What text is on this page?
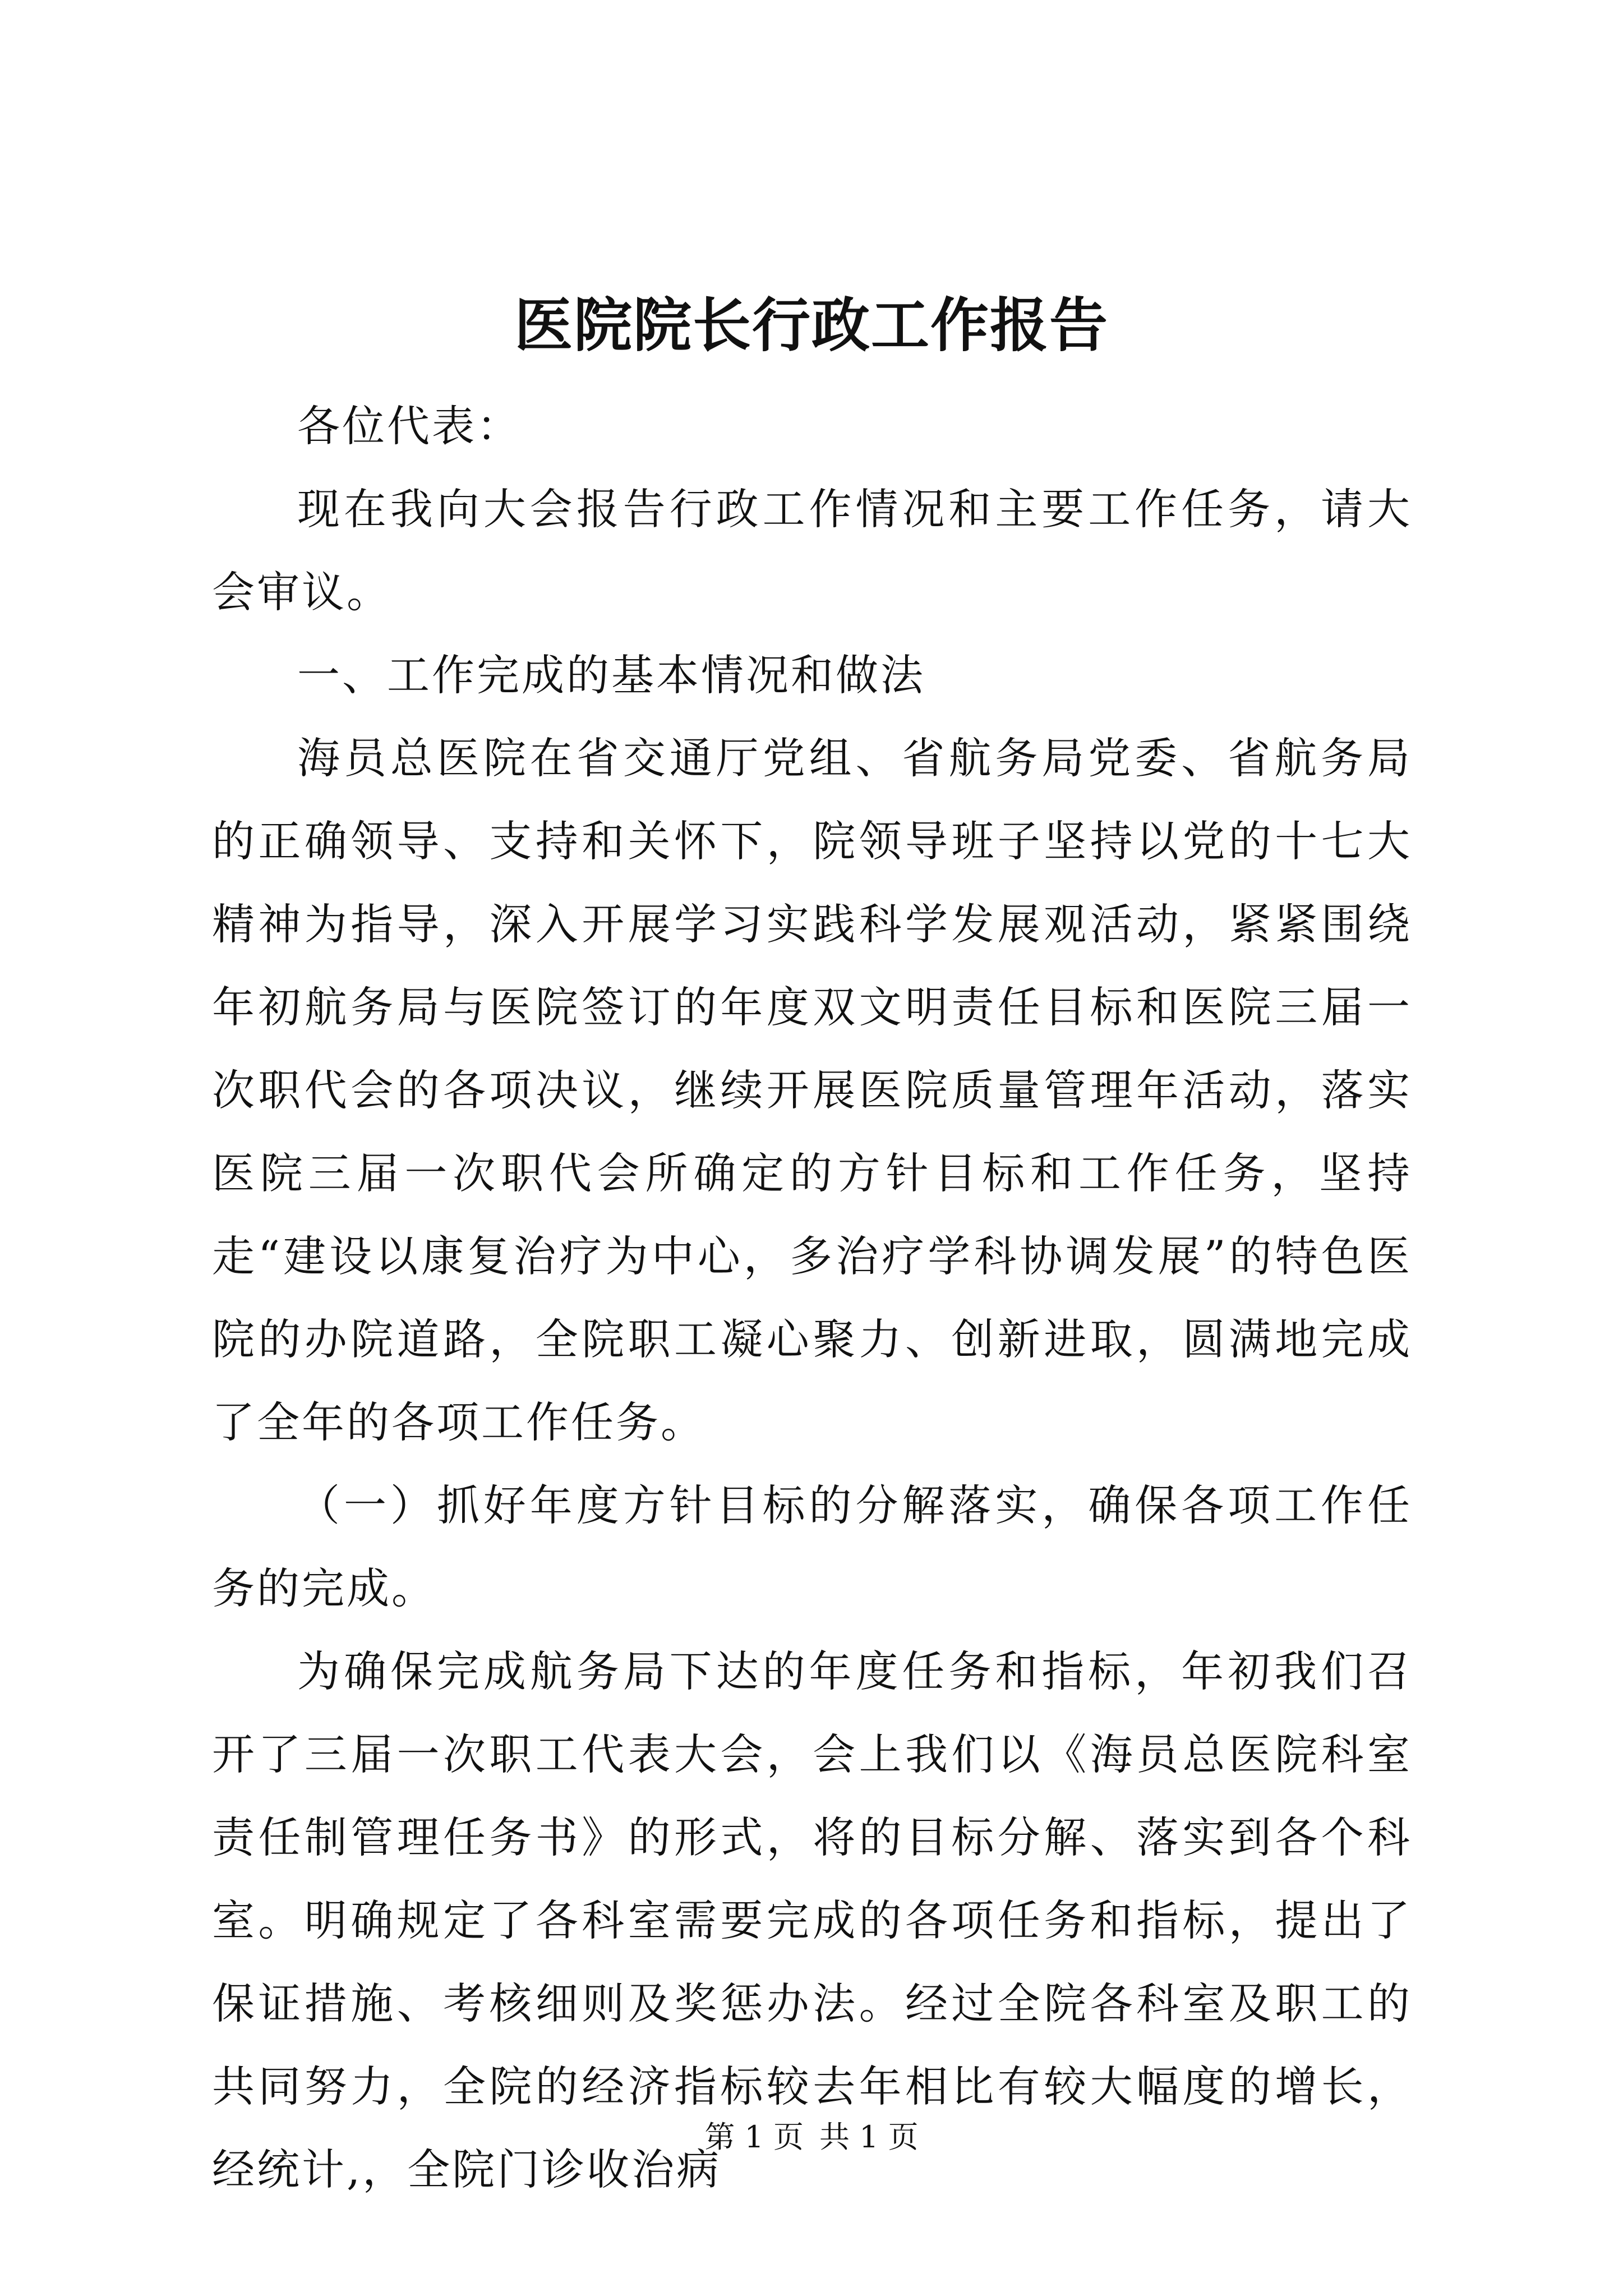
医院院长行政工作报告

各位代表：

现在我向大会报告行政工作情况和主要工作任务，请大会审议。

一、工作完成的基本情况和做法

海员总医院在省交通厅党组、省航务局党委、省航务局的正确领导、支持和关怀下，院领导班子坚持以党的十七大精神为指导，深入开展学习实践科学发展观活动，紧紧围绕年初航务局与医院签订的年度双文明责任目标和医院三届一次职代会的各项决议，继续开展医院质量管理年活动，落实医院三届一次职代会所确定的方针目标和工作任务，坚持走“建设以康复治疗为中心，多治疗学科协调发展”的特色医院的办院道路，全院职工凝心聚力、创新进取，圆满地完成了全年的各项工作任务。

（一）抓好年度方针目标的分解落实，确保各项工作任务的完成。

为确保完成航务局下达的年度任务和指标，年初我们召开了三届一次职工代表大会，会上我们以《海员总医院科室责任制管理任务书》的形式，将的目标分解、落实到各个科室。明确规定了各科室需要完成的各项任务和指标，提出了保证措施、考核细则及奖惩办法。经过全院各科室及职工的共同努力，全院的经济指标较去年相比有较大幅度的增长，经统计,，全院门诊收治病

第 1 页 共 1 页
